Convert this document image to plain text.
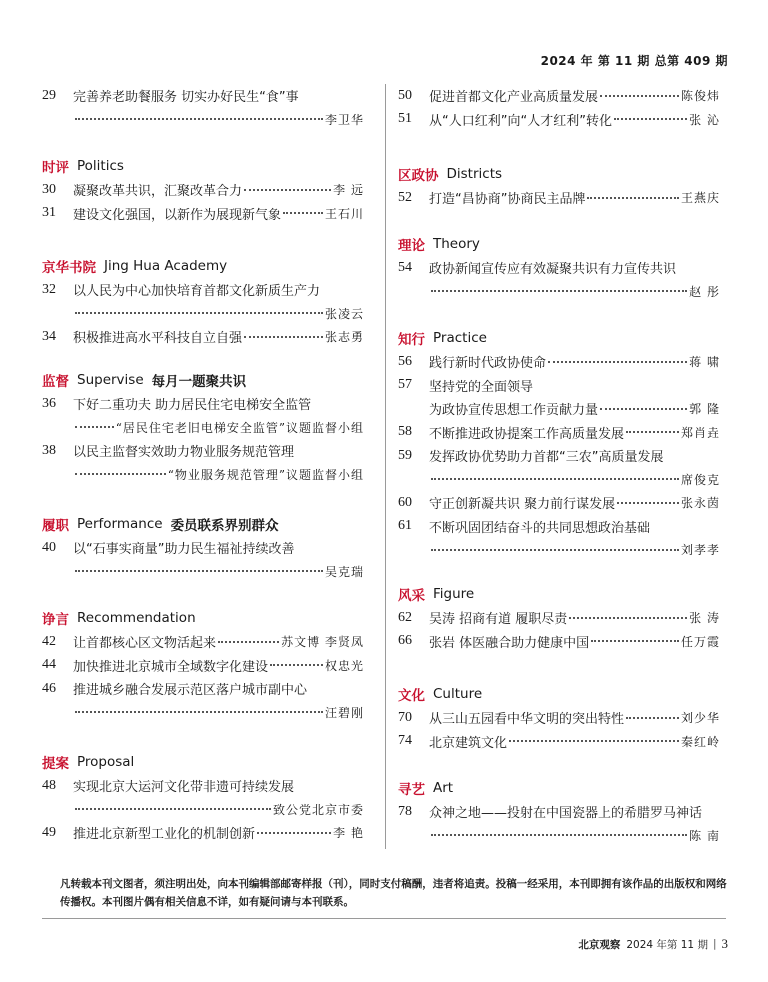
2024 年 第 11 期 总第 409 期
29	完善养老助餐服务 切实办好民生“食”事
李卫华
时评 Politics
30	凝聚改革共识，汇聚改革合力	李 远
31	建设文化强国，以新作为展现新气象	王石川
京华书院 Jing Hua Academy
32	以人民为中心加快培育首都文化新质生产力
张凌云
34	积极推进高水平科技自立自强	张志勇
监督 Supervise 每月一题聚共识
36	下好二重功夫 助力居民住宅电梯安全监管
“居民住宅老旧电梯安全监管”议题监督小组
38	以民主监督实效助力物业服务规范管理
“物业服务规范管理”议题监督小组
履职 Performance 委员联系界别群众
40	以“石事实商量”助力民生福祉持续改善
吴克瑞
诤言 Recommendation
42	让首都核心区文物活起来	苏文博 李贤凤
44	加快推进北京城市全域数字化建设	权忠光
46	推进城乡融合发展示范区落户城市副中心
汪碧刚
提案 Proposal
48	实现北京大运河文化带非遗可持续发展
致公党北京市委
49	推进北京新型工业化的机制创新	李 艳
50	促进首都文化产业高质量发展	陈俊炜
51	从“人口红利”向“人才红利”转化	张 沁
区政协 Districts
52	打造“昌协商”协商民主品牌	王燕庆
理论 Theory
54	政协新闻宣传应有效凝聚共识有力宣传共识
赵 彤
知行 Practice
56	践行新时代政协使命	蒋 啸
57	坚持党的全面领导
为政协宣传思想工作贡献力量	郭 隆
58	不断推进政协提案工作高质量发展	郑肖垚
59	发挥政协优势助力首都“三农”高质量发展
席俊克
60	守正创新凝共识 聚力前行谋发展	张永茵
61	不断巩固团结奋斗的共同思想政治基础
刘孝孝
风采 Figure
62	吴涛 招商有道 履职尽责	张 涛
66	张岩 体医融合助力健康中国	任万霞
文化 Culture
70	从三山五园看中华文明的突出特性	刘少华
74	北京建筑文化	秦红岭
寻艺 Art
78	众神之地——投射在中国瓷器上的希腊罗马神话
陈 南
凡转载本刊文图者，须注明出处，向本刊编辑部邮寄样报（刊），同时支付稿酬，违者将追责。投稿一经采用，本刊即拥有该作品的出版权和网络传播权。本刊图片偶有相关信息不详，如有疑问请与本刊联系。
北京观察 2024 年第 11 期 | 3
